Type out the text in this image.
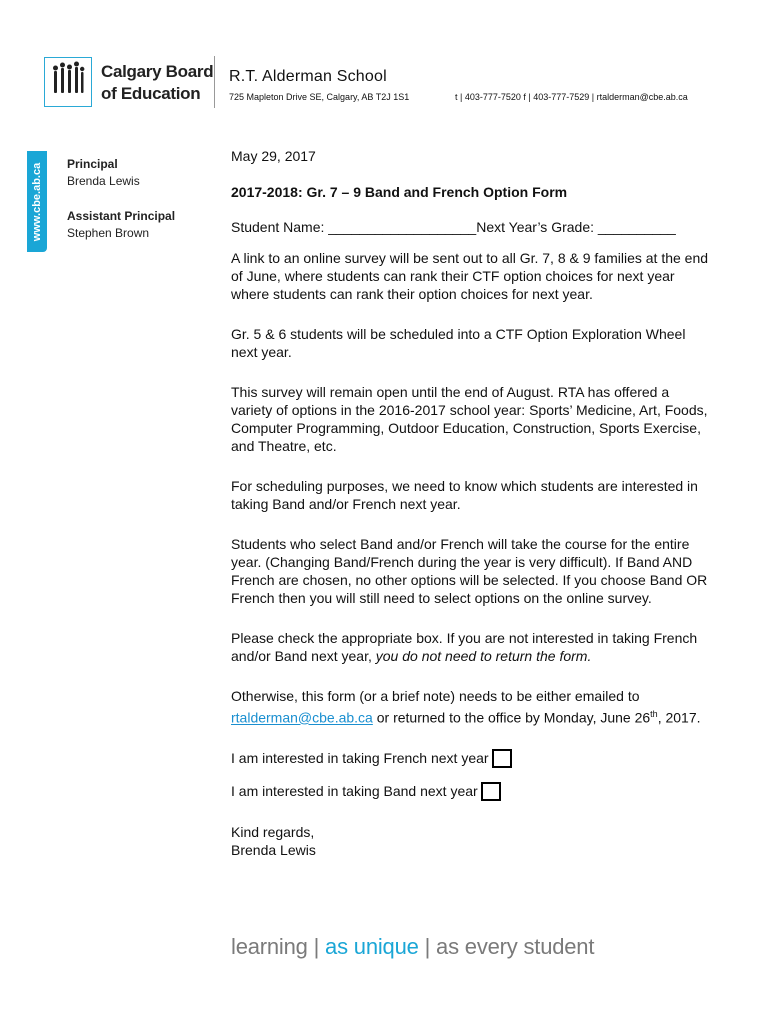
Calgary Board
of Education
R.T. Alderman School
725 Mapleton Drive SE, Calgary, AB T2J 1S1	t | 403-777-7520 f | 403-777-7529 | rtalderman@cbe.ab.ca
www.cbe.ab.ca Principal
Brenda Lewis
Assistant Principal
Stephen Brown

May 29, 2017

2017-2018: Gr. 7 – 9 Band and French Option Form

Student Name: ___________________Next Year’s Grade: __________

A link to an online survey will be sent out to all Gr. 7, 8 & 9 families at the end of June, where students can rank their CTF option choices for next year where students can rank their option choices for next year.

Gr. 5 & 6 students will be scheduled into a CTF Option Exploration Wheel next year.

This survey will remain open until the end of August. RTA has offered a variety of options in the 2016-2017 school year: Sports’ Medicine, Art, Foods, Computer Programming, Outdoor Education, Construction, Sports Exercise, and Theatre, etc.

For scheduling purposes, we need to know which students are interested in taking Band and/or French next year.

Students who select Band and/or French will take the course for the entire year. (Changing Band/French during the year is very difficult). If Band AND French are chosen, no other options will be selected. If you choose Band OR French then you will still need to select options on the online survey.

Please check the appropriate box. If you are not interested in taking French and/or Band next year, you do not need to return the form.

Otherwise, this form (or a brief note) needs to be either emailed to rtalderman@cbe.ab.ca or returned to the office by Monday, June 26th, 2017.

I am interested in taking French next year

I am interested in taking Band next year

Kind regards,

Brenda Lewis

learning | as unique | as every student
